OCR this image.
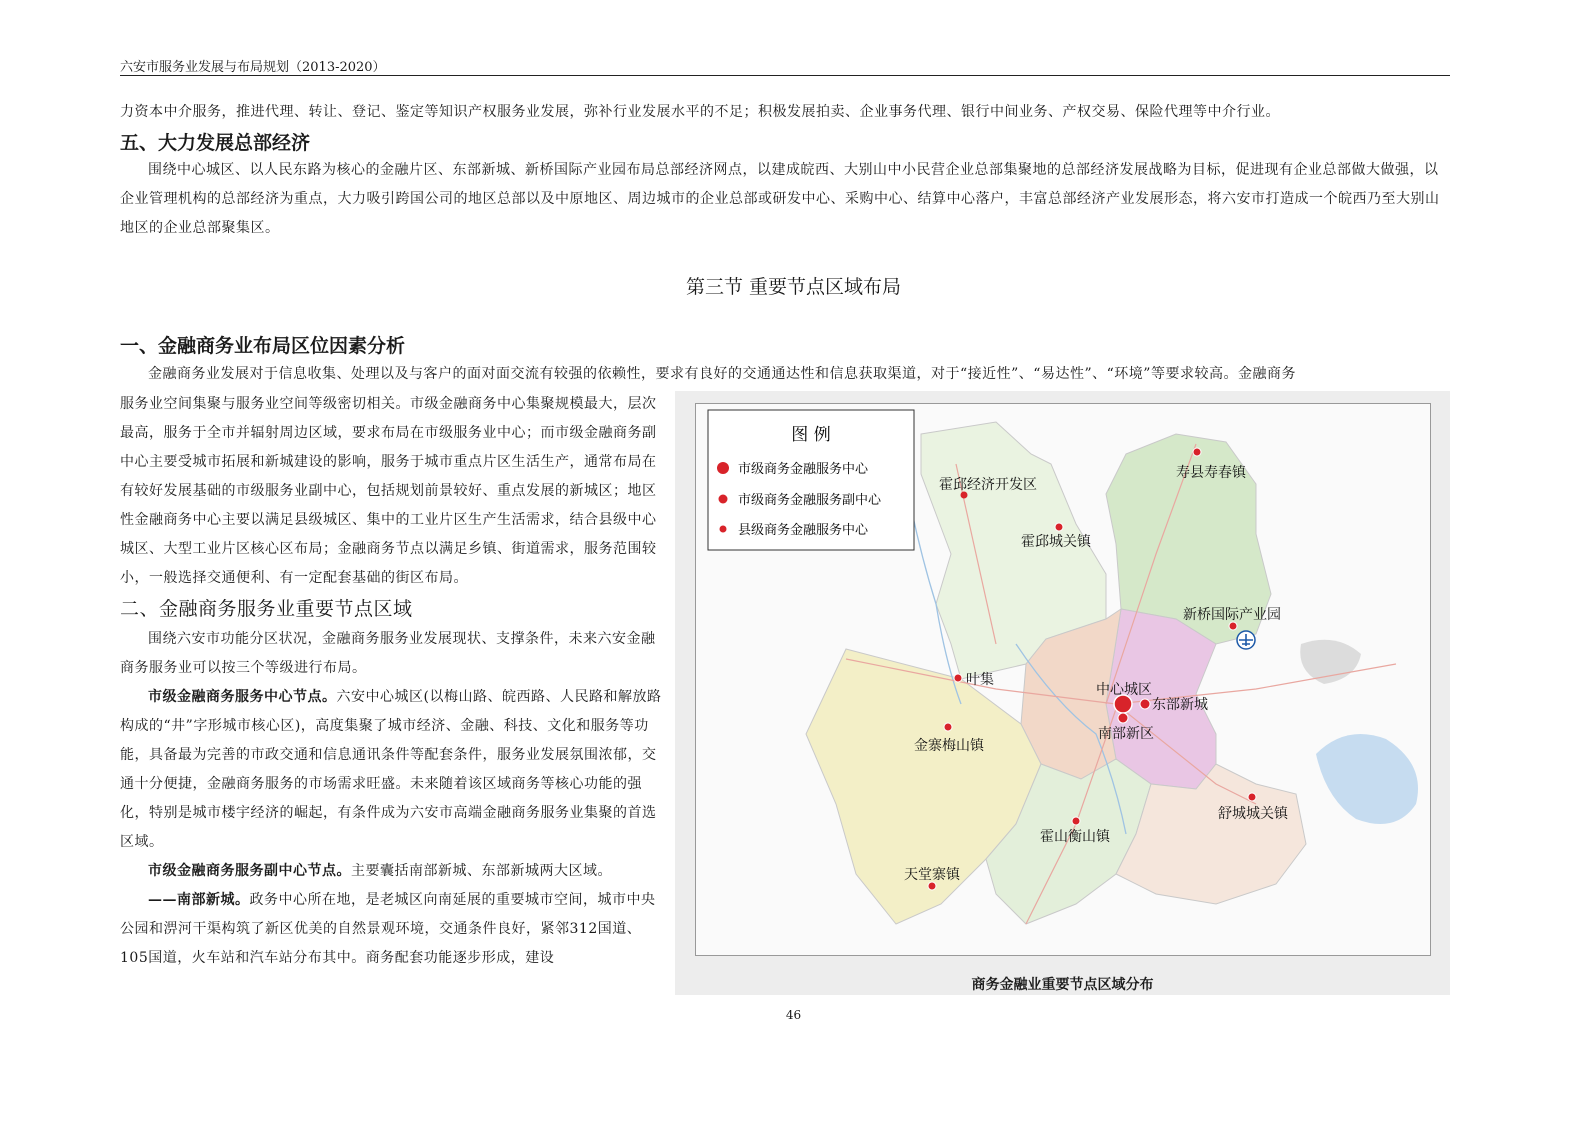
六安市服务业发展与布局规划（2013-2020）

力资本中介服务，推进代理、转让、登记、鉴定等知识产权服务业发展，弥补行业发展水平的不足；积极发展拍卖、企业事务代理、银行中间业务、产权交易、保险代理等中介行业。

五、大力发展总部经济

围绕中心城区、以人民东路为核心的金融片区、东部新城、新桥国际产业园布局总部经济网点，以建成皖西、大别山中小民营企业总部集聚地的总部经济发展战略为目标，促进现有企业总部做大做强，以企业管理机构的总部经济为重点，大力吸引跨国公司的地区总部以及中原地区、周边城市的企业总部或研发中心、采购中心、结算中心落户，丰富总部经济产业发展形态，将六安市打造成一个皖西乃至大别山地区的企业总部聚集区。

第三节 重要节点区域布局
一、金融商务业布局区位因素分析

金融商务业发展对于信息收集、处理以及与客户的面对面交流有较强的依赖性，要求有良好的交通通达性和信息获取渠道，对于“接近性”、“易达性”、“环境”等要求较高。金融商务

服务业空间集聚与服务业空间等级密切相关。市级金融商务中心集聚规模最大，层次最高，服务于全市并辐射周边区域，要求布局在市级服务业中心；而市级金融商务副中心主要受城市拓展和新城建设的影响，服务于城市重点片区生活生产，通常布局在有较好发展基础的市级服务业副中心，包括规划前景较好、重点发展的新城区；地区性金融商务中心主要以满足县级城区、集中的工业片区生产生活需求，结合县级中心城区、大型工业片区核心区布局；金融商务节点以满足乡镇、街道需求，服务范围较小，一般选择交通便利、有一定配套基础的街区布局。

二、金融商务服务业重要节点区域

围绕六安市功能分区状况，金融商务服务业发展现状、支撑条件，未来六安金融商务服务业可以按三个等级进行布局。

市级金融商务服务中心节点。六安中心城区(以梅山路、皖西路、人民路和解放路构成的“井”字形城市核心区)，高度集聚了城市经济、金融、科技、文化和服务等功能，具备最为完善的市政交通和信息通讯条件等配套条件，服务业发展氛围浓郁，交通十分便捷，金融商务服务的市场需求旺盛。未来随着该区域商务等核心功能的强化，特别是城市楼宇经济的崛起，有条件成为六安市高端金融商务服务业集聚的首选区域。

市级金融商务服务副中心节点。主要囊括南部新城、东部新城两大区域。

——南部新城。政务中心所在地，是老城区向南延展的重要城市空间，城市中央公园和淠河干渠构筑了新区优美的自然景观环境，交通条件良好，紧邻312国道、105国道，火车站和汽车站分布其中。商务配套功能逐步形成，建设

图 例
市级商务金融服务中心
市级商务金融服务副中心
县级商务金融服务中心
寿县寿春镇
霍邱经济开发区
霍邱城关镇
新桥国际产业园
叶集
中心城区
东部新城
南部新区
金寨梅山镇
舒城城关镇
霍山衡山镇
天堂寨镇
商务金融业重要节点区域分布
46
